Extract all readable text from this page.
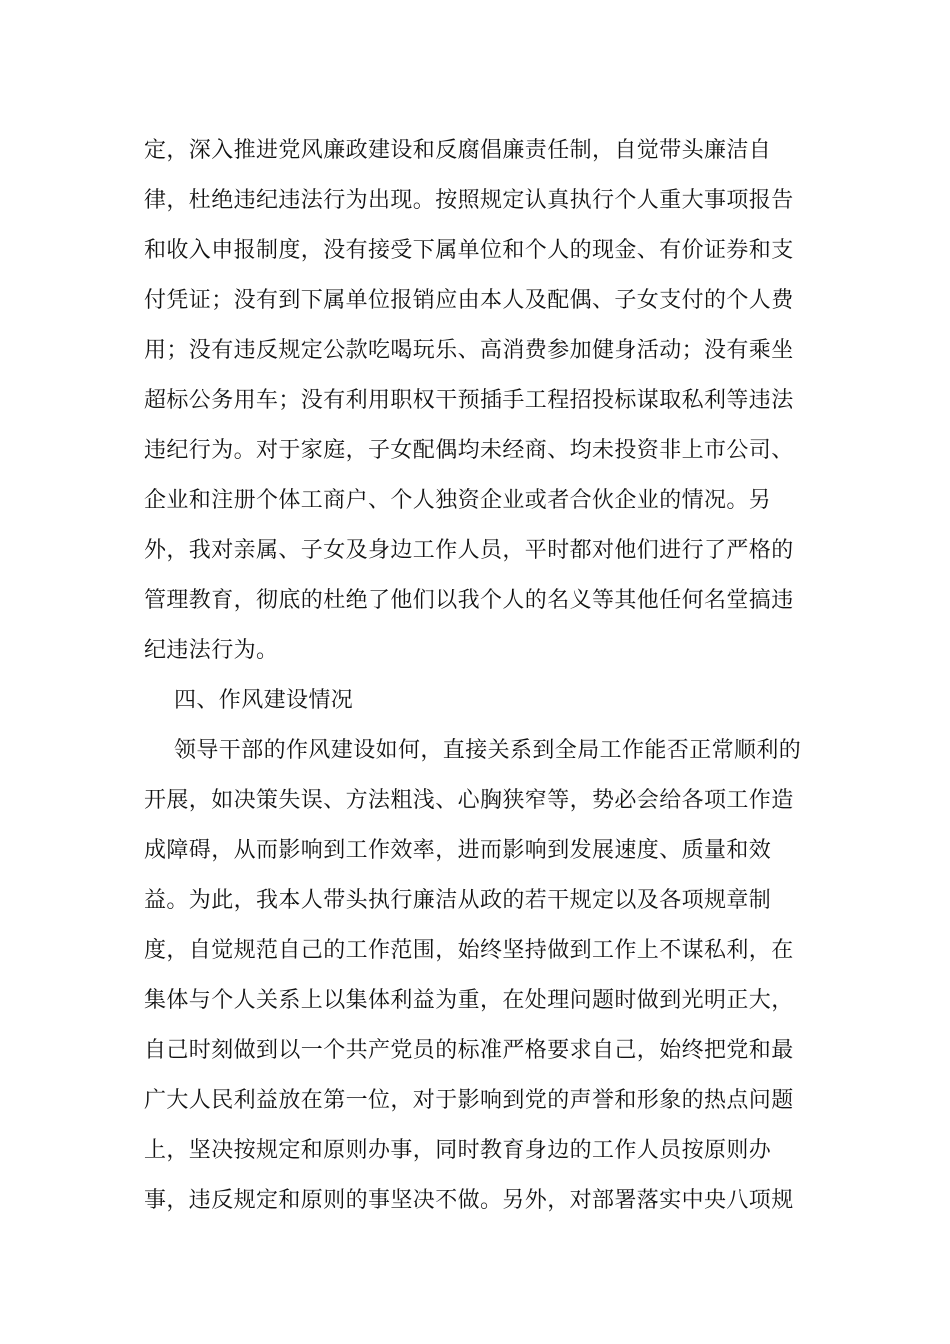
定，深入推进党风廉政建设和反腐倡廉责任制，自觉带头廉洁自
律，杜绝违纪违法行为出现。按照规定认真执行个人重大事项报告
和收入申报制度，没有接受下属单位和个人的现金、有价证券和支
付凭证；没有到下属单位报销应由本人及配偶、子女支付的个人费
用；没有违反规定公款吃喝玩乐、高消费参加健身活动；没有乘坐
超标公务用车；没有利用职权干预插手工程招投标谋取私利等违法
违纪行为。对于家庭，子女配偶均未经商、均未投资非上市公司、
企业和注册个体工商户、个人独资企业或者合伙企业的情况。另
外，我对亲属、子女及身边工作人员，平时都对他们进行了严格的
管理教育，彻底的杜绝了他们以我个人的名义等其他任何名堂搞违
纪违法行为。
四、作风建设情况
领导干部的作风建设如何，直接关系到全局工作能否正常顺利的
开展，如决策失误、方法粗浅、心胸狭窄等，势必会给各项工作造
成障碍，从而影响到工作效率，进而影响到发展速度、质量和效
益。为此，我本人带头执行廉洁从政的若干规定以及各项规章制
度，自觉规范自己的工作范围，始终坚持做到工作上不谋私利，在
集体与个人关系上以集体利益为重，在处理问题时做到光明正大，
自己时刻做到以一个共产党员的标准严格要求自己，始终把党和最
广大人民利益放在第一位，对于影响到党的声誉和形象的热点问题
上，坚决按规定和原则办事，同时教育身边的工作人员按原则办
事，违反规定和原则的事坚决不做。另外，对部署落实中央八项规
